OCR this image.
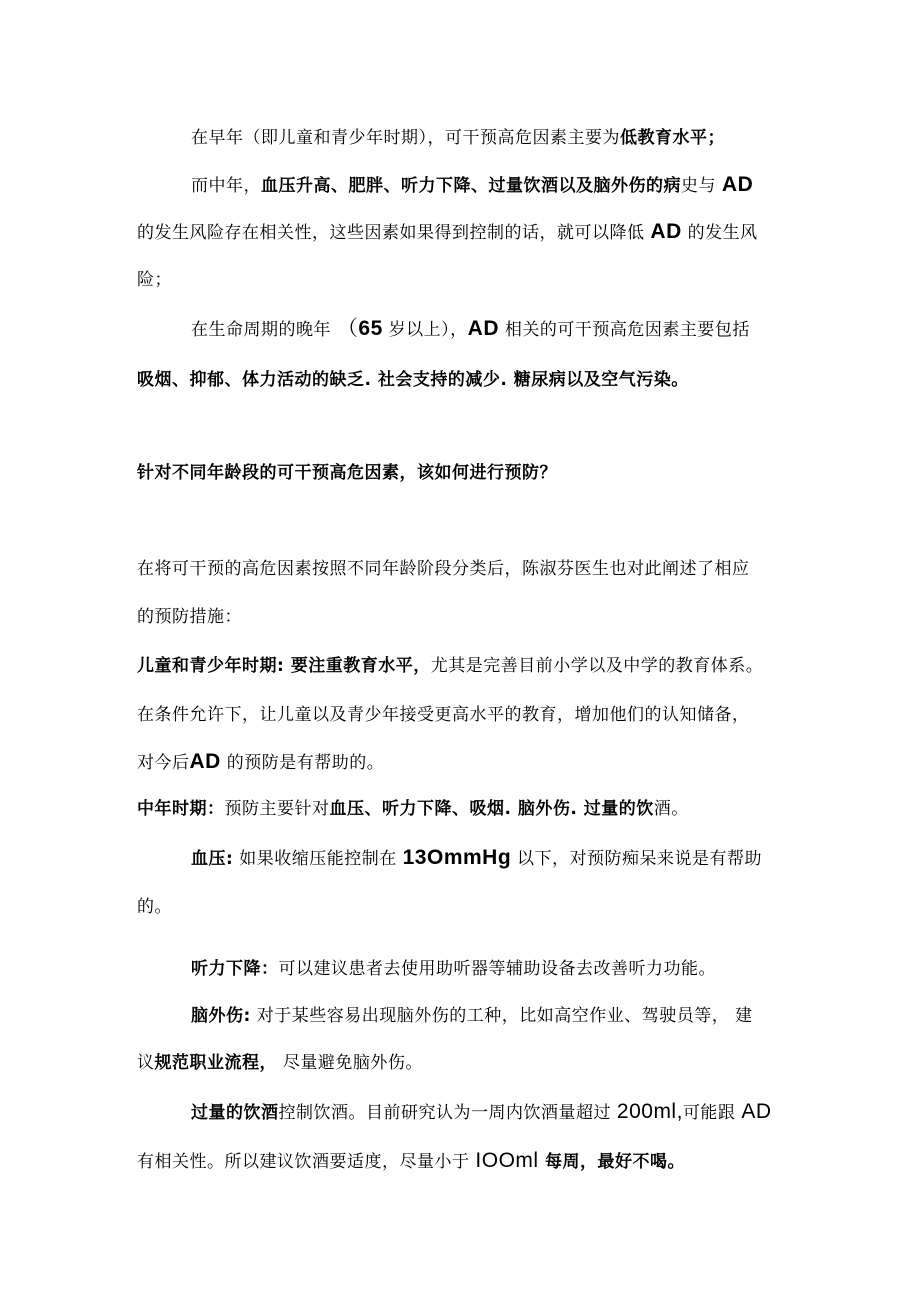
在早年（即儿童和青少年时期），可干预高危因素主要为低教育水平；
而中年，血压升高、肥胖、听力下降、过量饮酒以及脑外伤的病史与 AD
的发生风险存在相关性，这些因素如果得到控制的话，就可以降低 AD 的发生风
险；
在生命周期的晚年 （65 岁以上），AD 相关的可干预高危因素主要包括
吸烟、抑郁、体力活动的缺乏. 社会支持的减少. 糖尿病以及空气污染。
针对不同年龄段的可干预高危因素，该如何进行预防？
在将可干预的高危因素按照不同年龄阶段分类后，陈淑芬医生也对此阐述了相应
的预防措施：
儿童和青少年时期: 要注重教育水平，尤其是完善目前小学以及中学的教育体系。
在条件允许下，让儿童以及青少年接受更高水平的教育，增加他们的认知储备，
对今后AD 的预防是有帮助的。
中年时期：预防主要针对血压、听力下降、吸烟. 脑外伤. 过量的饮酒。
血压: 如果收缩压能控制在 13OmmHg 以下，对预防痴呆来说是有帮助
的。
听力下降：可以建议患者去使用助听器等辅助设备去改善听力功能。
脑外伤: 对于某些容易出现脑外伤的工种，比如高空作业、驾驶员等， 建
议规范职业流程， 尽量避免脑外伤。
过量的饮酒控制饮酒。目前研究认为一周内饮酒量超过 200ml,可能跟 AD
有相关性。所以建议饮酒要适度，尽量小于 IOOml 每周，最好不喝。
